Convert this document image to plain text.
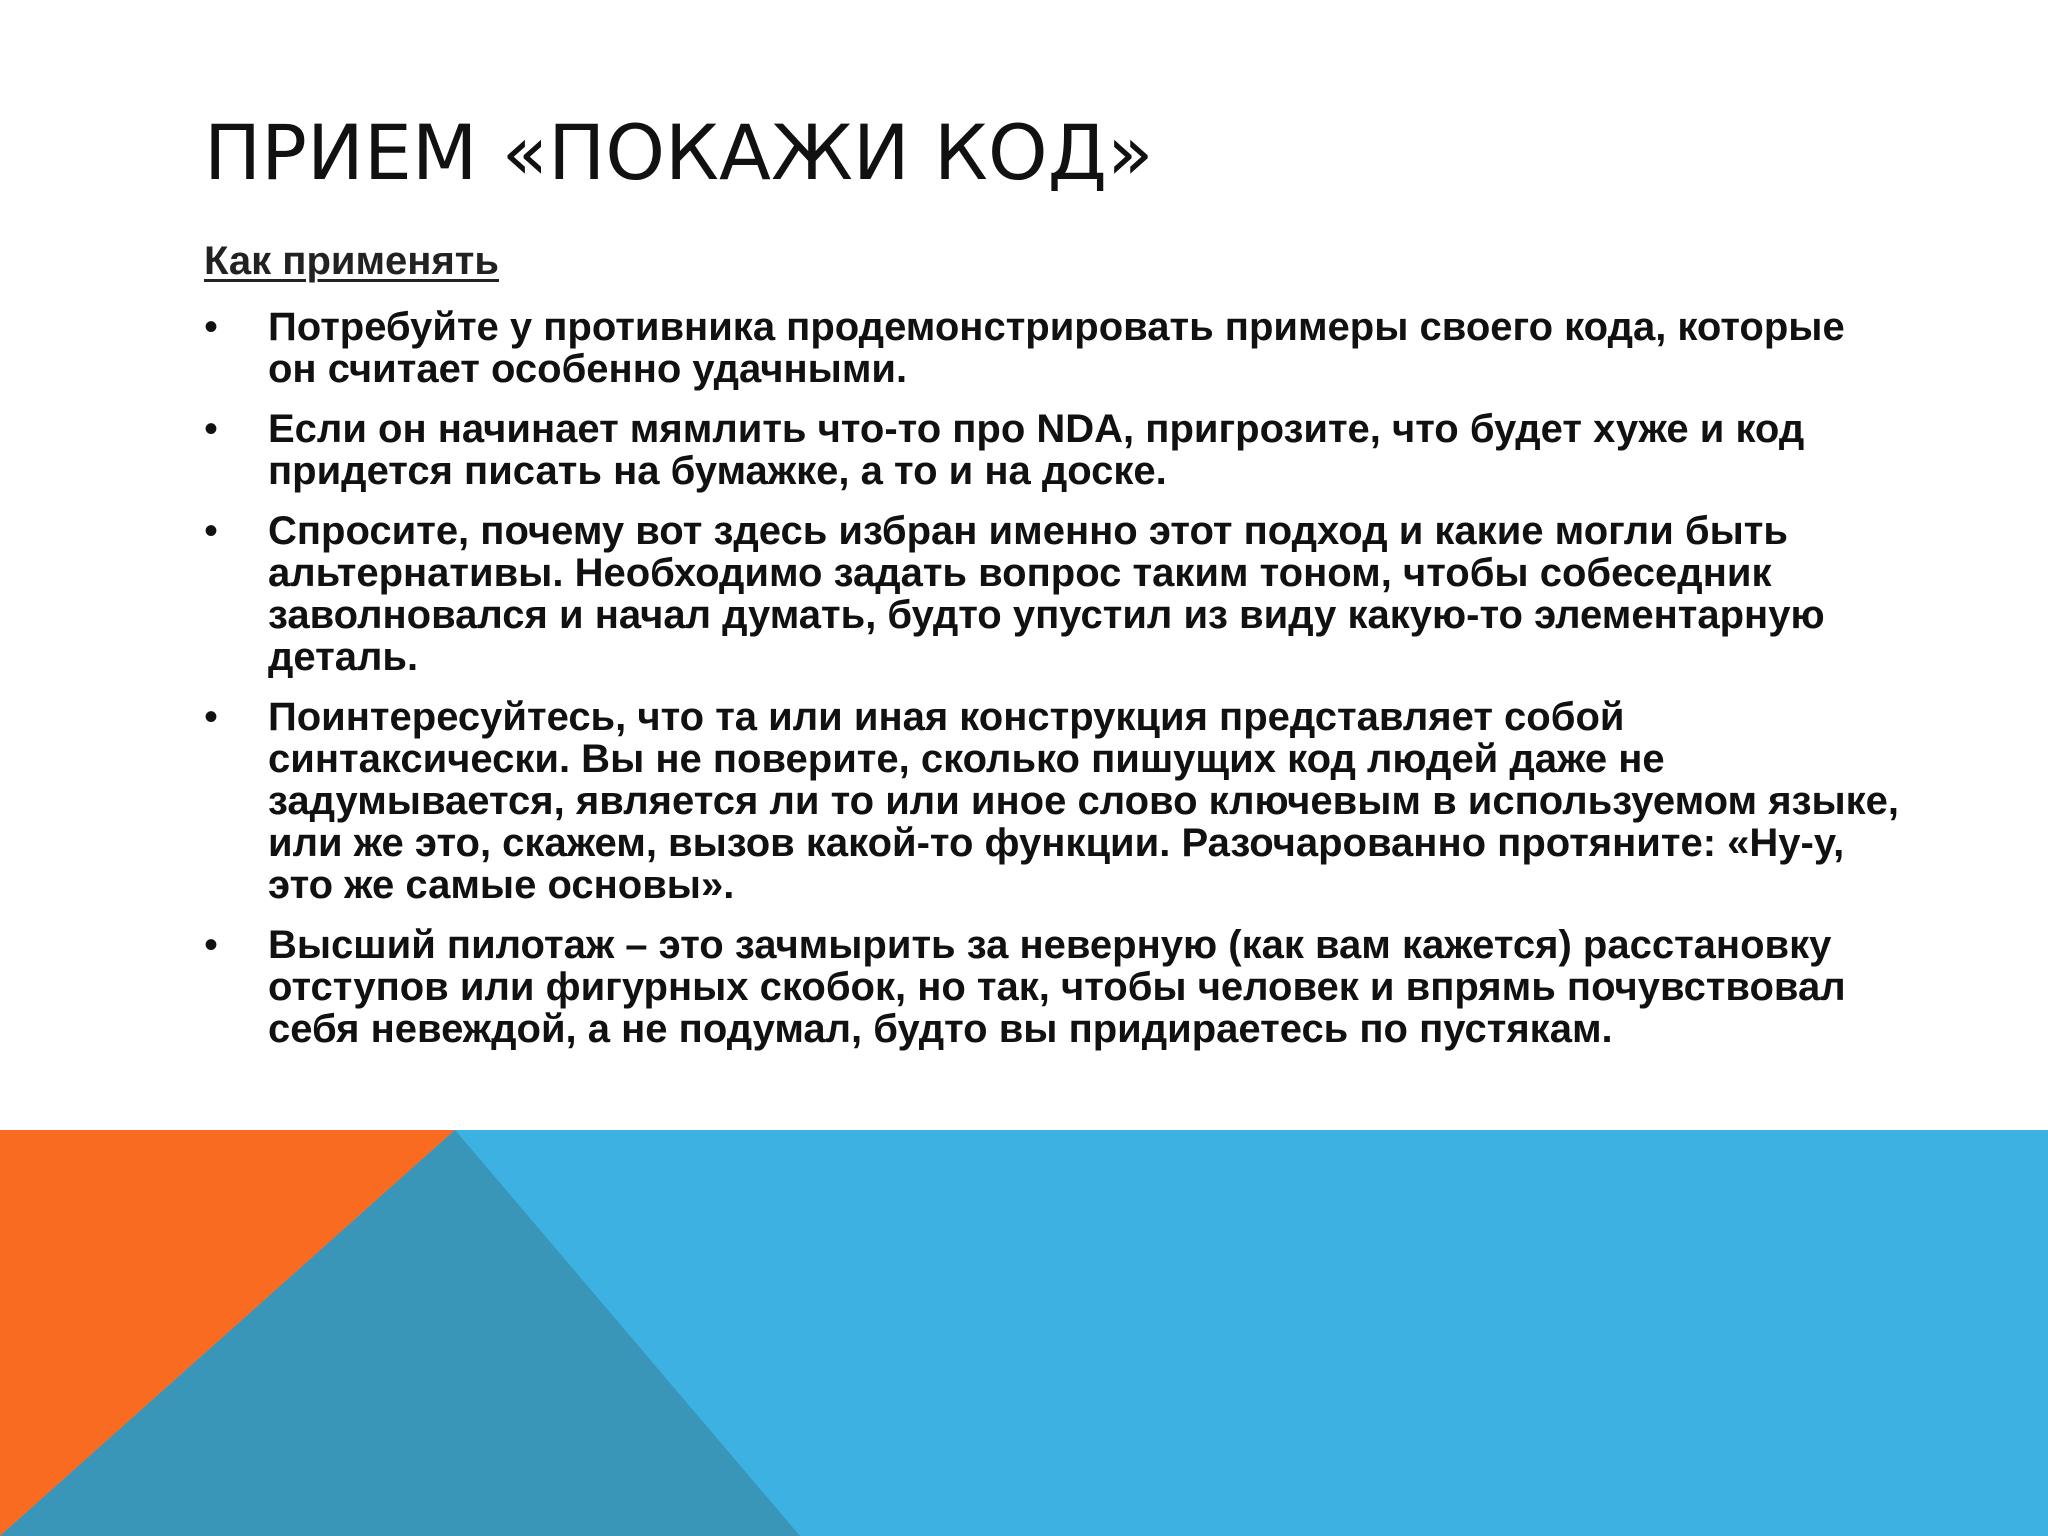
ПРИЕМ «ПОКАЖИ КОД»

Как применять

• Потребуйте у противника продемонстрировать примеры своего кода, которые он считает особенно удачными.
• Если он начинает мямлить что-то про NDA, пригрозите, что будет хуже и код придется писать на бумажке, а то и на доске.
• Спросите, почему вот здесь избран именно этот подход и какие могли быть альтернативы. Необходимо задать вопрос таким тоном, чтобы собеседник заволновался и начал думать, будто упустил из виду какую-то элементарную деталь.
• Поинтересуйтесь, что та или иная конструкция представляет собой синтаксически. Вы не поверите, сколько пишущих код людей даже не задумывается, является ли то или иное слово ключевым в используемом языке, или же это, скажем, вызов какой-то функции. Разочарованно протяните: «Ну-у, это же самые основы».
• Высший пилотаж – это зачмырить за неверную (как вам кажется) расстановку отступов или фигурных скобок, но так, чтобы человек и впрямь почувствовал себя невеждой, а не подумал, будто вы придираетесь по пустякам.
